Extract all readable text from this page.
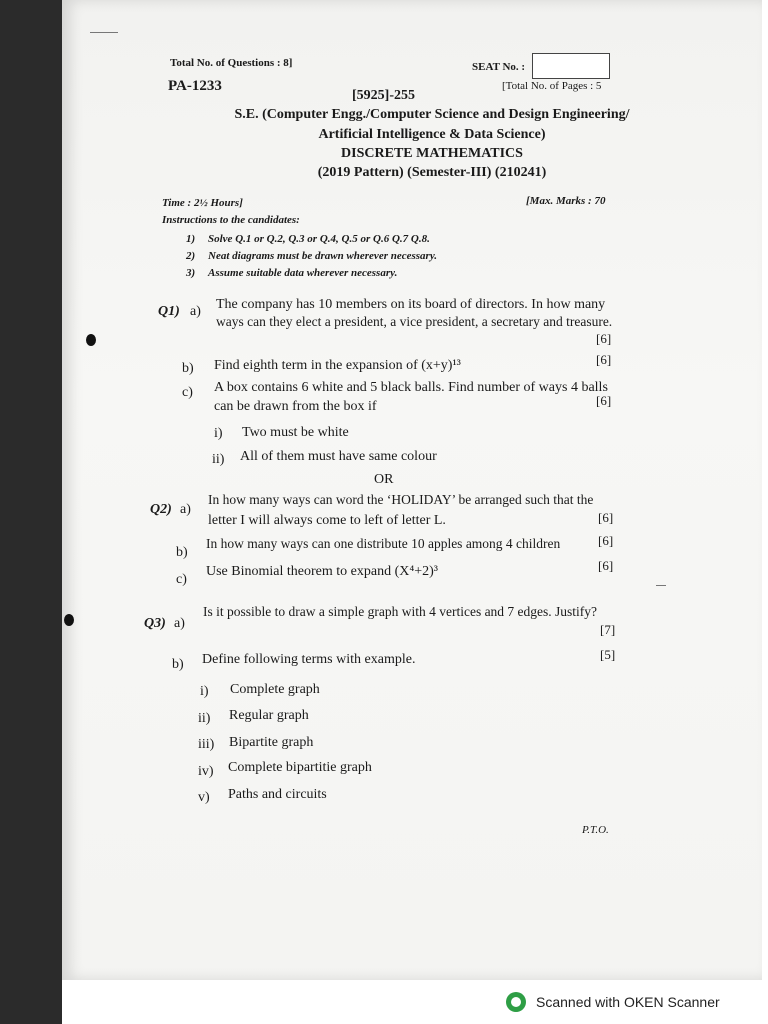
Total No. of Questions : 8]	SEAT No. :
PA-1233	[Total No. of Pages : 5
[5925]-255
S.E. (Computer Engg./Computer Science and Design Engineering/
Artificial Intelligence & Data Science)
DISCRETE MATHEMATICS
(2019 Pattern) (Semester-III) (210241)
Time : 2½ Hours]	[Max. Marks : 70
Instructions to the candidates:
1) Solve Q.1 or Q.2, Q.3 or Q.4, Q.5 or Q.6 Q.7 Q.8.
2) Neat diagrams must be drawn wherever necessary.
3) Assume suitable data wherever necessary.
Q1) a) The company has 10 members on its board of directors. In how many
ways can they elect a president, a vice president, a secretary and treasure.
[6]
b) Find eighth term in the expansion of (x+y)¹³	[6]
c) A box contains 6 white and 5 black balls. Find number of ways 4 balls
can be drawn from the box if	[6]
i) Two must be white
ii) All of them must have same colour
OR
Q2) a)
In how many ways can word the ‘HOLIDAY’ be arranged such that the
letter I will always come to left of letter L.	[6]
b)
In how many ways can one distribute 10 apples among 4 children	[6]
c)
Use Binomial theorem to expand (X⁴+2)³	[6]
Q3) a)
Is it possible to draw a simple graph with 4 vertices and 7 edges. Justify?
[7]
b) Define following terms with example.	[5]
i) Complete graph
ii) Regular graph
iii) Bipartite graph
iv) Complete bipartitie graph
v) Paths and circuits
P.T.O.
Scanned with OKEN Scanner
